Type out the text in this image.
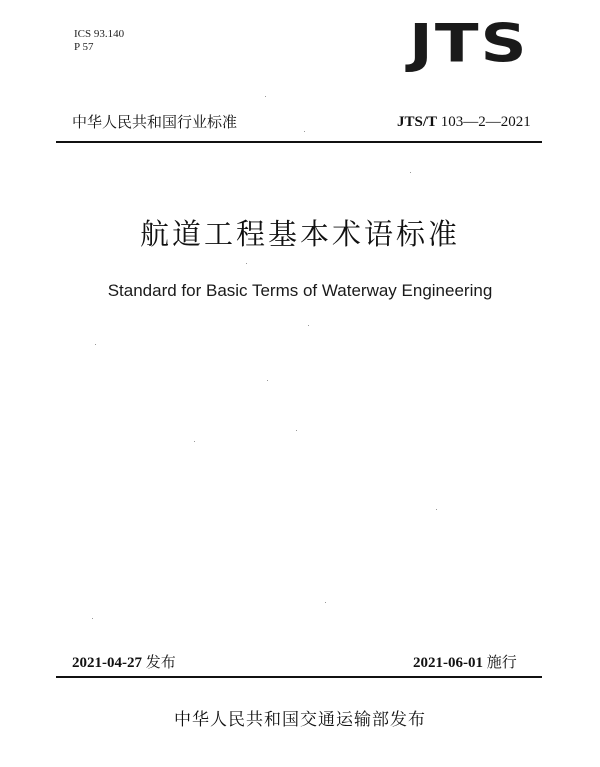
ICS 93.140
P 57	JTS
中华人民共和国行业标准	JTS/T 103—2—2021
航道工程基本术语标准
Standard for Basic Terms of Waterway Engineering
2021-04-27 发布	2021-06-01 施行
中华人民共和国交通运输部发布
